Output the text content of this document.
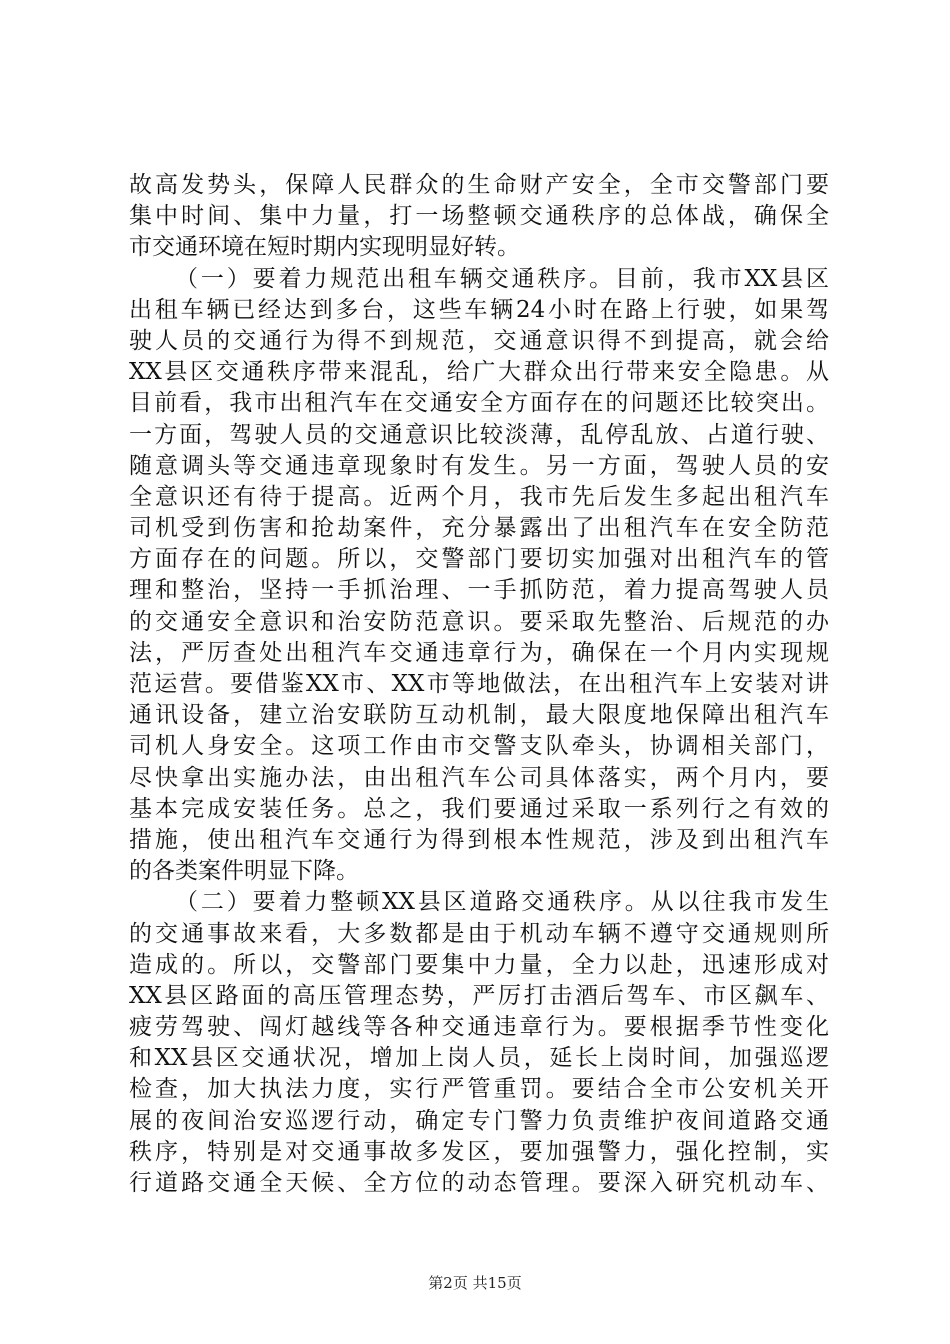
故高发势头，保障人民群众的生命财产安全，全市交警部门要
集中时间、集中力量，打一场整顿交通秩序的总体战，确保全
市交通环境在短时期内实现明显好转。
（一）要着力规范出租车辆交通秩序。目前，我市XX县区
出租车辆已经达到多台，这些车辆24小时在路上行驶，如果驾
驶人员的交通行为得不到规范，交通意识得不到提高，就会给
XX县区交通秩序带来混乱，给广大群众出行带来安全隐患。从
目前看，我市出租汽车在交通安全方面存在的问题还比较突出。
一方面，驾驶人员的交通意识比较淡薄，乱停乱放、占道行驶、
随意调头等交通违章现象时有发生。另一方面，驾驶人员的安
全意识还有待于提高。近两个月，我市先后发生多起出租汽车
司机受到伤害和抢劫案件，充分暴露出了出租汽车在安全防范
方面存在的问题。所以，交警部门要切实加强对出租汽车的管
理和整治，坚持一手抓治理、一手抓防范，着力提高驾驶人员
的交通安全意识和治安防范意识。要采取先整治、后规范的办
法，严厉查处出租汽车交通违章行为，确保在一个月内实现规
范运营。要借鉴XX市、XX市等地做法，在出租汽车上安装对讲
通讯设备，建立治安联防互动机制，最大限度地保障出租汽车
司机人身安全。这项工作由市交警支队牵头，协调相关部门，
尽快拿出实施办法，由出租汽车公司具体落实，两个月内，要
基本完成安装任务。总之，我们要通过采取一系列行之有效的
措施，使出租汽车交通行为得到根本性规范，涉及到出租汽车
的各类案件明显下降。
（二）要着力整顿XX县区道路交通秩序。从以往我市发生
的交通事故来看，大多数都是由于机动车辆不遵守交通规则所
造成的。所以，交警部门要集中力量，全力以赴，迅速形成对
XX县区路面的高压管理态势，严厉打击酒后驾车、市区飙车、
疲劳驾驶、闯灯越线等各种交通违章行为。要根据季节性变化
和XX县区交通状况，增加上岗人员，延长上岗时间，加强巡逻
检查，加大执法力度，实行严管重罚。要结合全市公安机关开
展的夜间治安巡逻行动，确定专门警力负责维护夜间道路交通
秩序，特别是对交通事故多发区，要加强警力，强化控制，实
行道路交通全天候、全方位的动态管理。要深入研究机动车、
第2页 共15页
